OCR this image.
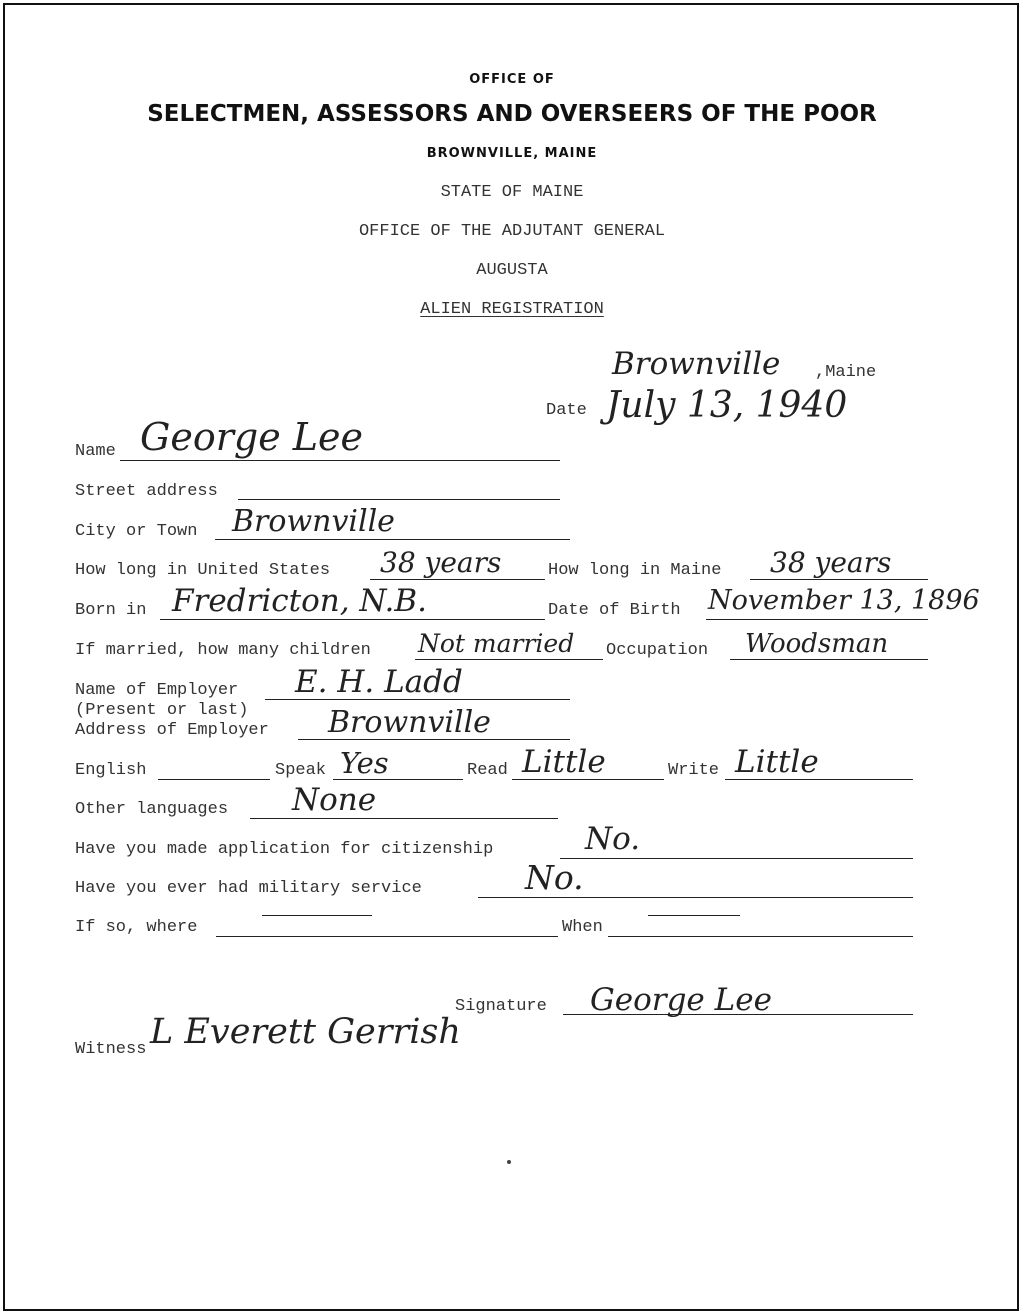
OFFICE OF
SELECTMEN, ASSESSORS AND OVERSEERS OF THE POOR
BROWNVILLE, MAINE
STATE OF MAINE
OFFICE OF THE ADJUTANT GENERAL
AUGUSTA
ALIEN REGISTRATION
Brownville ,Maine
Date July 13, 1940
Name George Lee
Street address
City or Town Brownville
How long in United States 38 years	How long in Maine 38 years
Born in Fredricton, N.B.	Date of Birth November 13, 1896
If married, how many children Not married Occupation Woodsman
Name of Employer E. H. Ladd
(Present or last)
Address of Employer Brownville
English	Speak Yes	Read Little	Write Little
Other languages None
Have you made application for citizenship	No.
Have you ever had military service	No.
If so, where	When
Signature George Lee
Witness L Everett Gerrish
